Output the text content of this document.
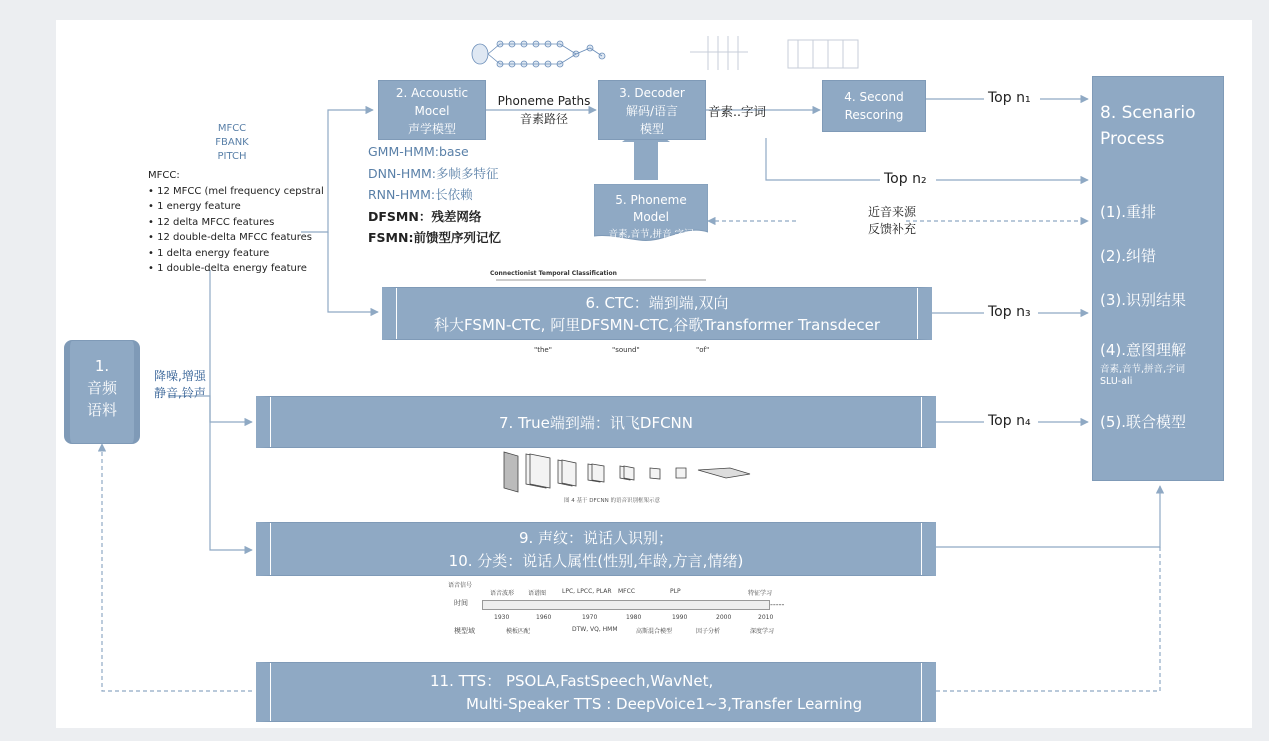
MFCC
FBANK
PITCH
MFCC:
• 12 MFCC (mel frequency cepstral
• 1 energy feature
• 12 delta MFCC features
• 12 double-delta MFCC features
• 1 delta energy feature
• 1 double-delta energy feature
2. Accoustic
Mocel
声学模型
GMM-HMM:base
DNN-HMM:多帧多特征
RNN-HMM:长依赖
DFSMN：残差网络
FSMN:前馈型序列记忆
Phoneme Paths
音素路径
3. Decoder
解码/语言
模型
音素..字词
4. Second
Rescoring
5. Phoneme
Model
音素,音节,拼音,字词
近音来源
反馈补充
Top n₁
Top n₂
Top n₃
Top n₄
8. Scenario
Process
(1).重排
(2).纠错
(3).识别结果
(4).意图理解
音素,音节,拼音,字词
SLU-ali
(5).联合模型
Connectionist Temporal Classification
6. CTC：端到端,双向
科大FSMN-CTC, 阿里DFSMN-CTC,谷歌Transformer Transdecer
"the"	"sound"	"of"
1.
音频
语料
降噪,增强
静音,铃声
7. True端到端：讯飞DFCNN
图 4 基于 DFCNN 的语音识别框架示意
9. 声纹：说话人识别；
10. 分类：说话人属性(性别,年龄,方言,情绪)
语音信号
时间
模型域
语音波形 语谱图	LPC, LPCC, PLAR MFCC	PLP	特征学习
-----
1930	1960	1970	1980	1990	2000	2010
模板匹配	DTW, VQ, HMM	高斯混合模型	因子分析	深度学习
11. TTS： PSOLA,FastSpeech,WavNet,
Multi-Speaker TTS : DeepVoice1~3,Transfer Learning
